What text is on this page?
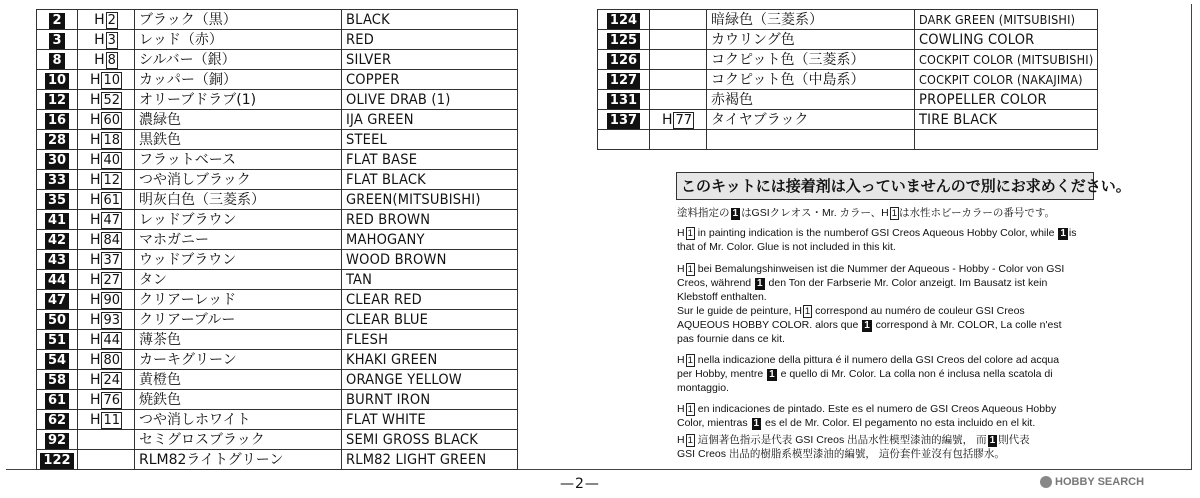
2	H 2	ブラック（黒）	BLACK
3	H 3	レッド（赤）	RED
8	H 8	シルバー（銀）	SILVER
10	H 10	カッパー（銅）	COPPER
12	H 52	オリーブドラブ(1)	OLIVE DRAB (1)
16	H 60	濃緑色	IJA GREEN
28	H 18	黒鉄色	STEEL
30	H 40	フラットベース	FLAT BASE
33	H 12	つや消しブラック	FLAT BLACK
35	H 61	明灰白色（三菱系）	GREEN(MITSUBISHI)
41	H 47	レッドブラウン	RED BROWN
42	H 84	マホガニー	MAHOGANY
43	H 37	ウッドブラウン	WOOD BROWN
44	H 27	タン	TAN
47	H 90	クリアーレッド	CLEAR RED
50	H 93	クリアーブルー	CLEAR BLUE
51	H 44	薄茶色	FLESH
54	H 80	カーキグリーン	KHAKI GREEN
58	H 24	黄橙色	ORANGE YELLOW
61	H 76	焼鉄色	BURNT IRON
62	H 11	つや消しホワイト	FLAT WHITE
92		セミグロスブラック	SEMI GROSS BLACK
122		RLM82ライトグリーン	RLM82 LIGHT GREEN
124		暗緑色（三菱系）	DARK GREEN (MITSUBISHI)
125		カウリング色	COWLING COLOR
126		コクピット色（三菱系）	COCKPIT COLOR (MITSUBISHI)
127		コクピット色（中島系）	COCKPIT COLOR (NAKAJIMA)
131		赤褐色	PROPELLER COLOR
137	H 77	タイヤブラック	TIRE BLACK

このキットには接着剤は入っていませんので別にお求めください。
塗料指定の 1 はGSIクレオス・Mr. カラー、H 1 は水性ホビーカラーの番号です。
H 1 in painting indication is the numberof GSI Creos Aqueous Hobby Color, while 1 is
that of Mr. Color. Glue is not included in this kit.
H 1 bei Bemalungshinweisen ist die Nummer der Aqueous - Hobby - Color von GSI
Creos, während 1 den Ton der Farbserie Mr. Color anzeigt. Im Bausatz ist kein
Klebstoff enthalten.
Sur le guide de peinture, H 1 correspond au numéro de couleur GSI Creos
AQUEOUS HOBBY COLOR. alors que 1 correspond à Mr. COLOR, La colle n'est
pas fournie dans ce kit.
H 1 nella indicazione della pittura é il numero della GSI Creos del colore ad acqua
per Hobby, mentre 1 e quello di Mr. Color. La colla non é inclusa nella scatola di
montaggio.
H 1 en indicaciones de pintado. Este es el numero de GSI Creos Aqueous Hobby
Color, mientras 1 es el de Mr. Color. El pegamento no esta incluido en el kit.
H 1 這個著色指示是代表 GSI Creos 出品水性模型漆油的編號， 而 1 則代表
GSI Creos 出品的樹脂系模型漆油的編號， 這份套件並沒有包括膠水。
—2—	HOBBY SEARCH
